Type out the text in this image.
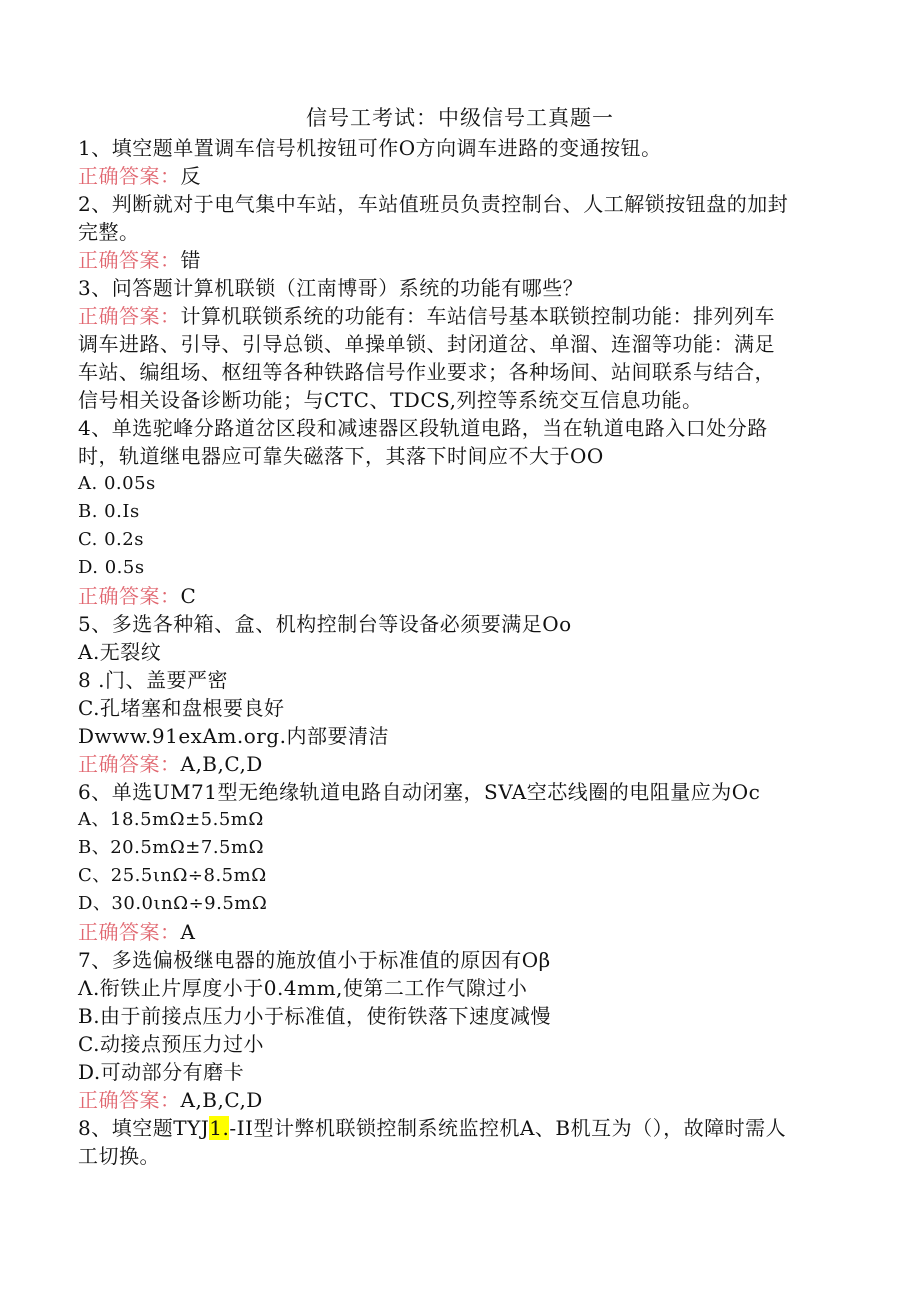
信号工考试：中级信号工真题一
1、填空题单置调车信号机按钮可作O方向调车进路的变通按钮。
正确答案：反
2、判断就对于电气集中车站，车站值班员负责控制台、人工解锁按钮盘的加封
完整。
正确答案：错
3、问答题计算机联锁（江南博哥）系统的功能有哪些？
正确答案：计算机联锁系统的功能有：车站信号基本联锁控制功能：排列列车
调车进路、引导、引导总锁、单操单锁、封闭道岔、单溜、连溜等功能：满足
车站、编组场、枢纽等各种铁路信号作业要求；各种场间、站间联系与结合，
信号相关设备诊断功能；与CTC、TDCS,列控等系统交互信息功能。
4、单选驼峰分路道岔区段和减速器区段轨道电路，当在轨道电路入口处分路
时，轨道继电器应可靠失磁落下，其落下时间应不大于OO
A. 0.05s
B. 0.Is
C. 0.2s
D. 0.5s
正确答案：C
5、多选各种箱、盒、机构控制台等设备必须要满足Oo
A.无裂纹
8 .门、盖要严密
C.孔堵塞和盘根要良好
Dwww.91exAm.org.内部要清洁
正确答案：A,B,C,D
6、单选UM71型无绝缘轨道电路自动闭塞，SVA空芯线圈的电阻量应为Oc
A、18.5mΩ±5.5mΩ
B、20.5mΩ±7.5mΩ
C、25.5ιnΩ÷8.5mΩ
D、30.0ιnΩ÷9.5mΩ
正确答案：A
7、多选偏极继电器的施放值小于标准值的原因有Oβ
Λ.衔铁止片厚度小于0.4mm,使第二工作气隙过小
B.由于前接点压力小于标准值，使衔铁落下速度减慢
C.动接点预压力过小
D.可动部分有磨卡
正确答案：A,B,C,D
8、填空题TYJ1.-II型计弊机联锁控制系统监控机A、B机互为（），故障时需人
工切换。
